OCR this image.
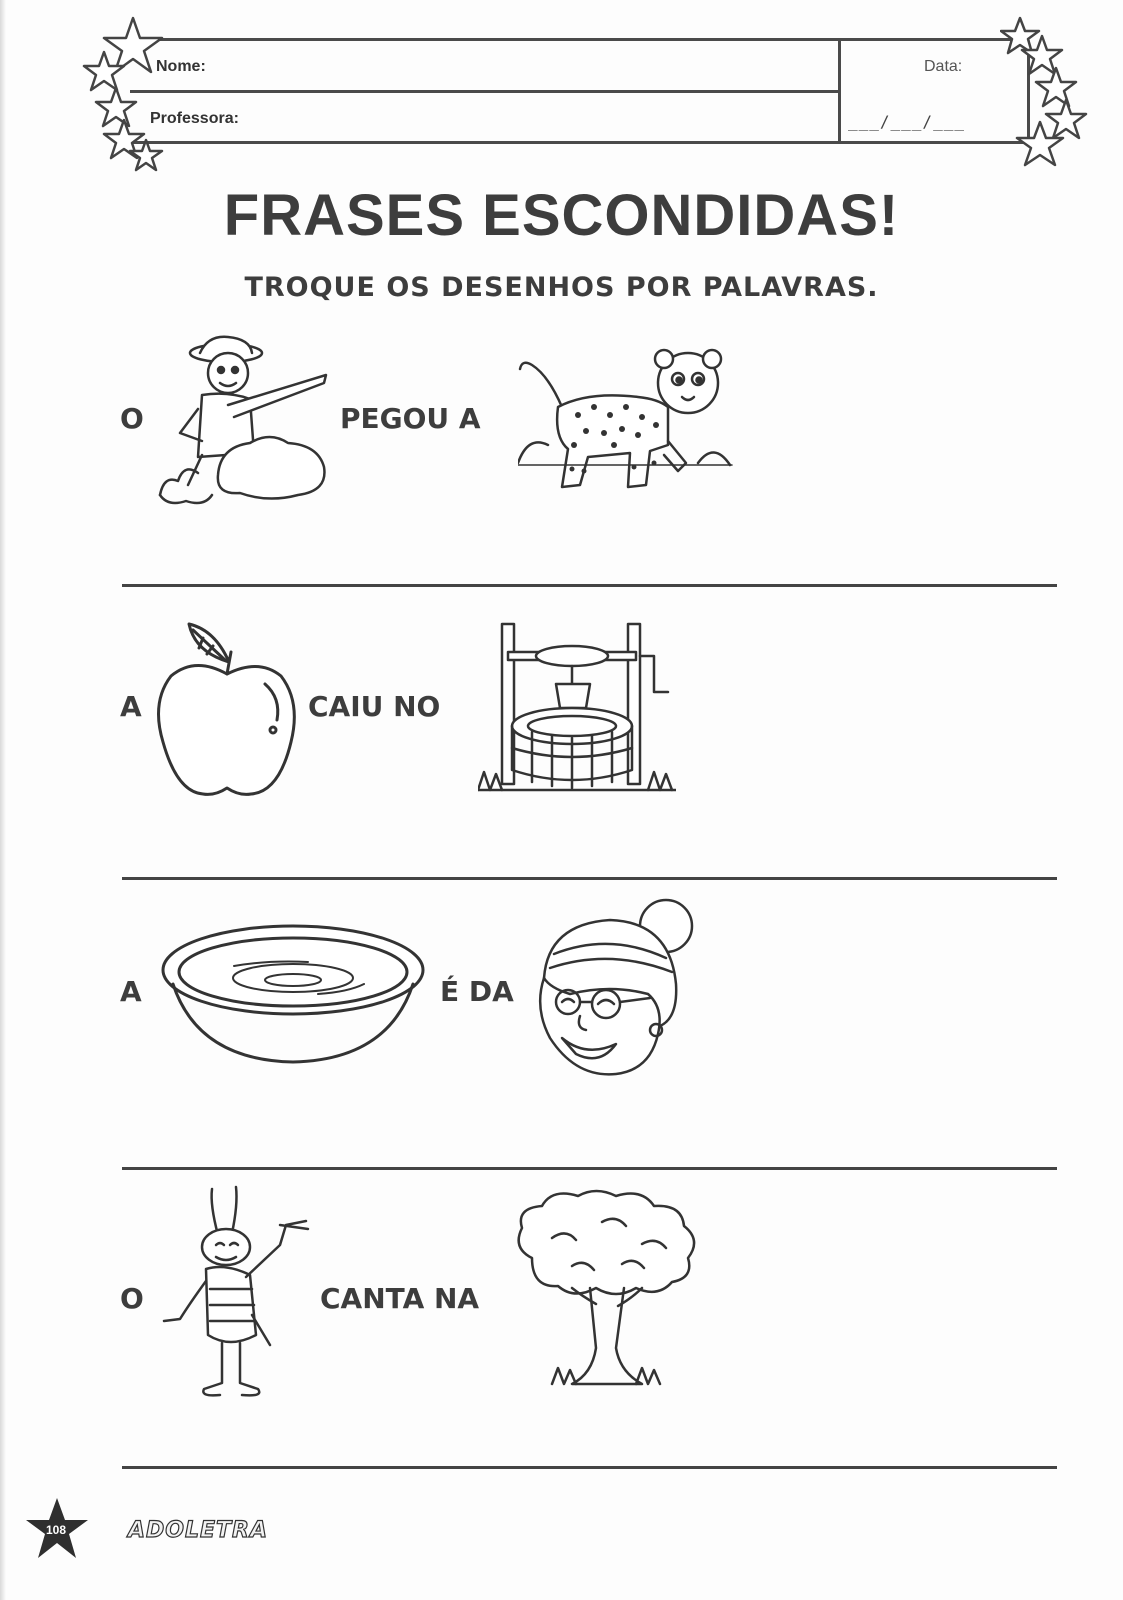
Nome:
Professora:
Data:
___/___/___
FRASES ESCONDIDAS!
TROQUE OS DESENHOS POR PALAVRAS.
O	PEGOU A
A	CAIU NO
A	É DA
O	CANTA NA
108	ADOLETRA
